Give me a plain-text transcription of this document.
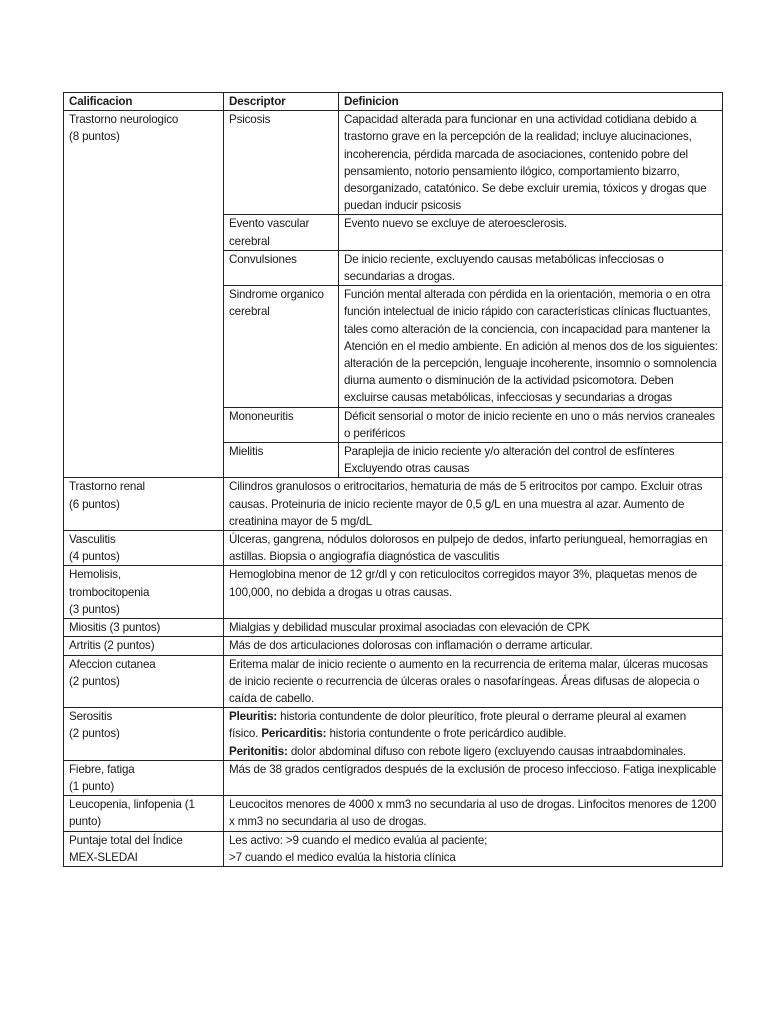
Calificacion	Descriptor	Definicion

Trastorno neurologico
(8 puntos)	Psicosis	Capacidad alterada para funcionar en una actividad cotidiana debido a trastorno grave en la percepción de la realidad; incluye alucinaciones, incoherencia, pérdida marcada de asociaciones, contenido pobre del pensamiento, notorio pensamiento ilógico, comportamiento bizarro, desorganizado, catatónico. Se debe excluir uremia, tóxicos y drogas que puedan inducir psicosis
	Evento vascular cerebral	Evento nuevo se excluye de ateroesclerosis.
	Convulsiones	De inicio reciente, excluyendo causas metabólicas infecciosas o secundarias a drogas.
	Sindrome organico cerebral	Función mental alterada con pérdida en la orientación, memoria o en otra función intelectual de inicio rápido con características clínicas fluctuantes, tales como alteración de la conciencia, con incapacidad para mantener la Atención en el medio ambiente. En adición al menos dos de los siguientes: alteración de la percepción, lenguaje incoherente, insomnio o somnolencia diurna aumento o disminución de la actividad psicomotora. Deben excluirse causas metabólicas, infecciosas y secundarias a drogas
	Mononeuritis	Déficit sensorial o motor de inicio reciente en uno o más nervios craneales o periféricos
	Mielitis	Paraplejia de inicio reciente y/o alteración del control de esfínteres Excluyendo otras causas

Trastorno renal
(6 puntos)	Cilindros granulosos o eritrocitarios, hematuria de más de 5 eritrocitos por campo. Excluir otras causas. Proteinuria de inicio reciente mayor de 0,5 g/L en una muestra al azar. Aumento de creatinina mayor de 5 mg/dL	

Vasculitis
(4 puntos)	Úlceras, gangrena, nódulos dolorosos en pulpejo de dedos, infarto periungueal, hemorragias en astillas. Biopsia o angiografía diagnóstica de vasculitis	

Hemolisis,
trombocitopenia
(3 puntos)	Hemoglobina menor de 12 gr/dl y con reticulocitos corregidos mayor 3%, plaquetas menos de 100,000, no debida a drogas u otras causas.	
Miositis (3 puntos)	Mialgias y debilidad muscular proximal asociadas con elevación de CPK	
Artritis (2 puntos)	Más de dos articulaciones dolorosas con inflamación o derrame articular.	

Afeccion cutanea
(2 puntos)	Eritema malar de inicio reciente o aumento en la recurrencia de eritema malar, úlceras mucosas de inicio reciente o recurrencia de úlceras orales o nasofaríngeas. Áreas difusas de alopecia o caída de cabello.	

Serositis
(2 puntos)	Pleuritis: historia contundente de dolor pleurítico, frote pleural o derrame pleural al examen físico. Pericarditis: historia contundente o frote pericárdico audible.
Peritonitis: dolor abdominal difuso con rebote ligero (excluyendo causas intraabdominales.	

Fiebre, fatiga
(1 punto)	Más de 38 grados centígrados después de la exclusión de proceso infeccioso. Fatiga inexplicable	
Leucopenia, linfopenia (1 punto)	Leucocitos menores de 4000 x mm3 no secundaria al uso de drogas. Linfocitos menores de 1200 x mm3 no secundaria al uso de drogas.	

Puntaje total del Índice
MEX-SLEDAI	Les activo: >9 cuando el medico evalúa al paciente;
>7 cuando el medico evalúa la historia clínica	
